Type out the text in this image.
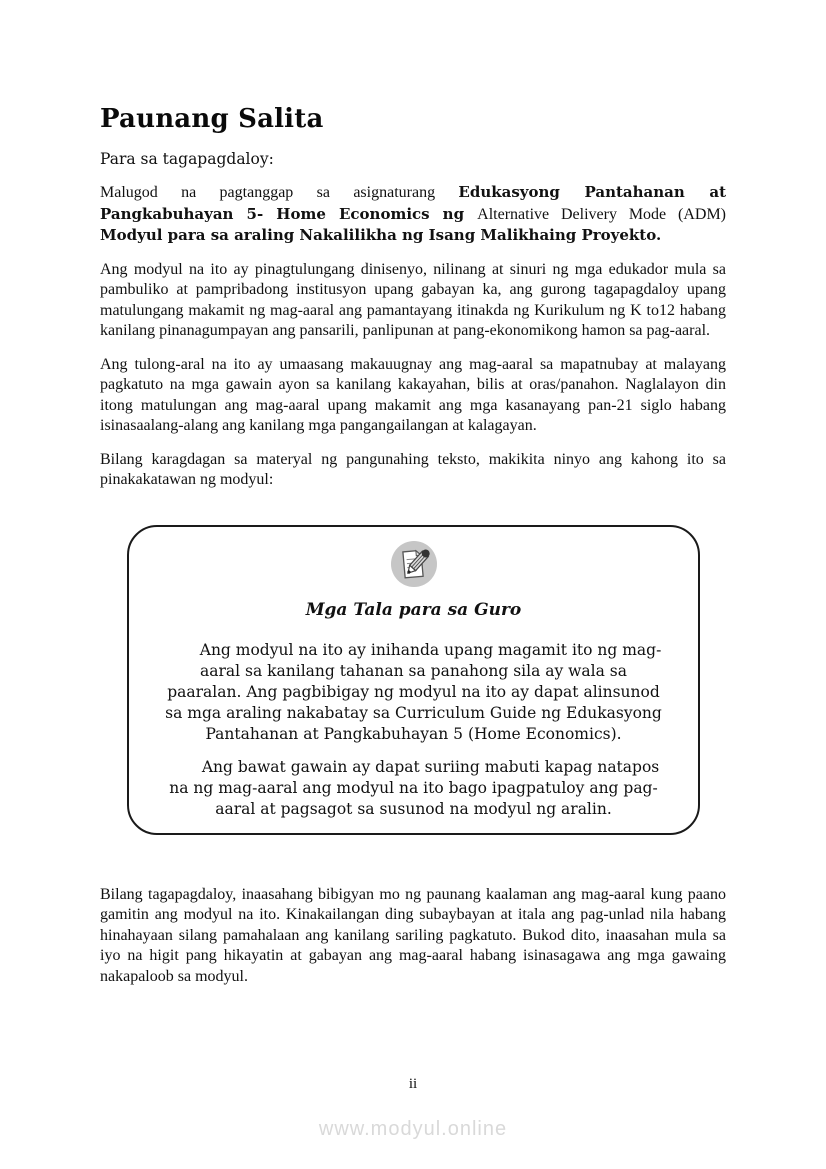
Paunang Salita

Para sa tagapagdaloy:

Malugod na pagtanggap sa asignaturang Edukasyong Pantahanan at Pangkabuhayan 5- Home Economics ng Alternative Delivery Mode (ADM) Modyul para sa araling Nakalilikha ng Isang Malikhaing Proyekto.

Ang modyul na ito ay pinagtulungang dinisenyo, nilinang at sinuri ng mga edukador mula sa pambuliko at pampribadong institusyon upang gabayan ka, ang gurong tagapagdaloy upang matulungang makamit ng mag-aaral ang pamantayang itinakda ng Kurikulum ng K to12 habang kanilang pinanagumpayan ang pansarili, panlipunan at pang-ekonomikong hamon sa pag-aaral.

Ang tulong-aral na ito ay umaasang makauugnay ang mag-aaral sa mapatnubay at malayang pagkatuto na mga gawain ayon sa kanilang kakayahan, bilis at oras/panahon. Naglalayon din itong matulungan ang mag-aaral upang makamit ang mga kasanayang pan-21 siglo habang isinasaalang-alang ang kanilang mga pangangailangan at kalagayan.

Bilang karagdagan sa materyal ng pangunahing teksto, makikita ninyo ang kahong ito sa pinakakatawan ng modyul:

Mga Tala para sa Guro

Ang modyul na ito ay inihanda upang magamit ito ng mag-aaral sa kanilang tahanan sa panahong sila ay wala sa paaralan. Ang pagbibigay ng modyul na ito ay dapat alinsunod sa mga araling nakabatay sa Curriculum Guide ng Edukasyong Pantahanan at Pangkabuhayan 5 (Home Economics).

Ang bawat gawain ay dapat suriing mabuti kapag natapos na ng mag-aaral ang modyul na ito bago ipagpatuloy ang pag-aaral at pagsagot sa susunod na modyul ng aralin.

Bilang tagapagdaloy, inaasahang bibigyan mo ng paunang kaalaman ang mag-aaral kung paano gamitin ang modyul na ito. Kinakailangan ding subaybayan at itala ang pag-unlad nila habang hinahayaan silang pamahalaan ang kanilang sariling pagkatuto. Bukod dito, inaasahan mula sa iyo na higit pang hikayatin at gabayan ang mag-aaral habang isinasagawa ang mga gawaing nakapaloob sa modyul.

ii
www.modyul.online
